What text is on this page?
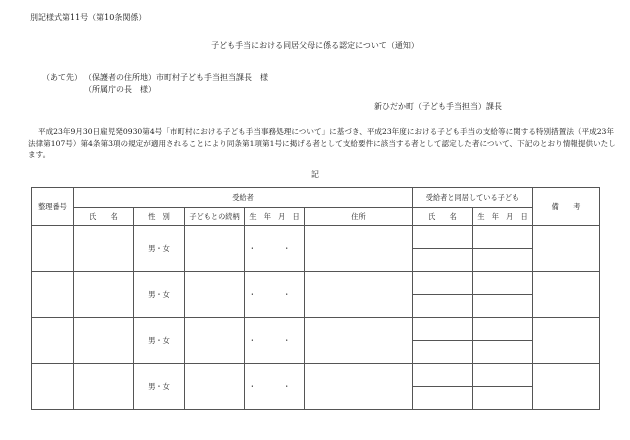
別記様式第11号（第10条関係）
子ども手当における同居父母に係る認定について（通知）
（あて先） （保護者の住所地）市町村子ども手当担当課長　様
（所属庁の長　様）
新ひだか町（子ども手当担当）課長
平成23年9月30日雇児発0930第4号「市町村における子ども手当事務処理について」に基づき、平成23年度における子ども手当の支給等に関する特別措置法（平成23年法律第107号）第4条第3項の規定が適用されることにより同条第1項第1号に掲げる者として支給要件に該当する者として認定した者について、下記のとおり情報提供いたします。
記
整理番号	受給者					受給者と同居している子ども		備　　考
	氏　　名	性　別	子どもとの続柄	生　年　月　日	住所	氏　　名	生　年　月　日	
		男・女		・　・				

		男・女		・　・				

		男・女		・　・				

		男・女		・　・				
